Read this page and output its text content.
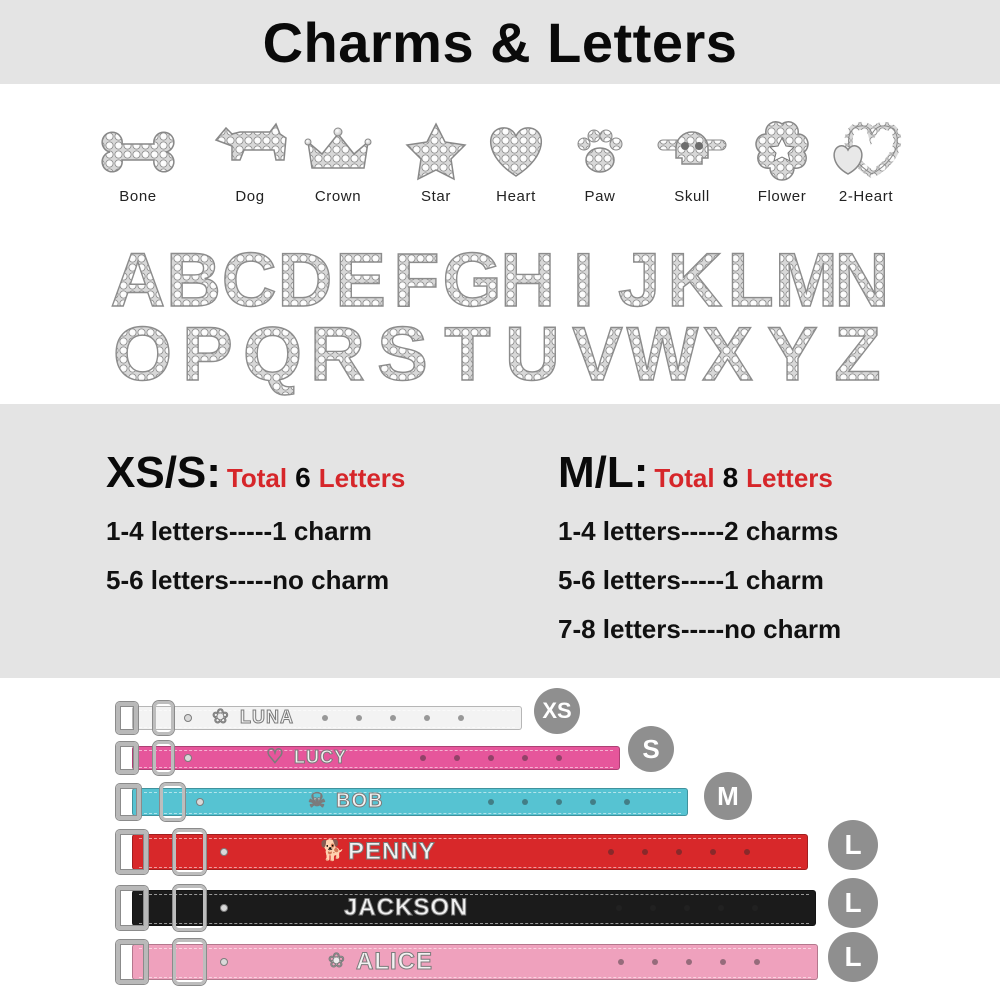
Charms & Letters
Bone	Dog	Crown	Star	Heart	Paw	Skull	Flower 2-Heart
A B C D E F G
H I J K L M
N
O P Q R S T U V W X Y Z
XS/S: Total 6 Letters
1-4 letters-----1 charm
5-6 letters-----no charm
M/L: Total 8 Letters
1-4 letters-----2 charms
5-6 letters-----1 charm
7-8 letters-----no charm
❀ LUNA	XS
♡ LUCY	S
☠ BOB	M
🐕 PENNY	L
JACKSON	L
❀ ALICE	L
